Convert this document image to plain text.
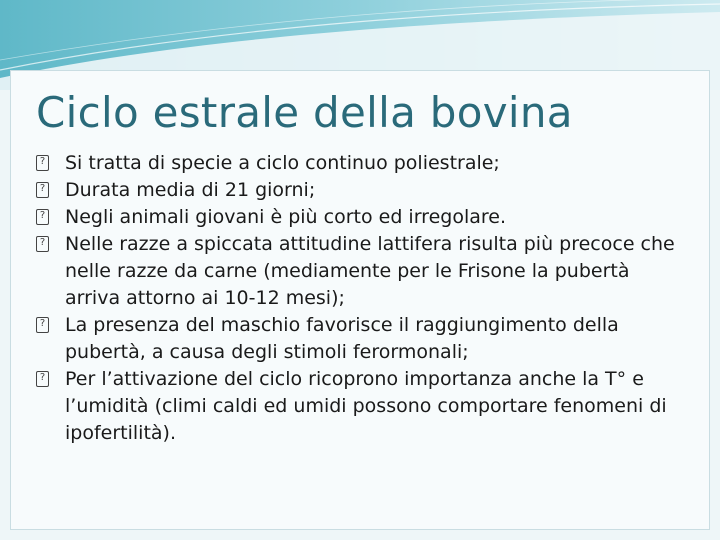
Ciclo estrale della bovina
? Si tratta di specie a ciclo continuo poliestrale;
? Durata media di 21 giorni;
? Negli animali giovani è più corto ed irregolare.
? Nelle razze a spiccata attitudine lattifera risulta più precoce che nelle razze da carne (mediamente per le Frisone la pubertà arriva attorno ai 10-12 mesi);
? La presenza del maschio favorisce il raggiungimento della pubertà, a causa degli stimoli ferormonali;
? Per l’attivazione del ciclo ricoprono importanza anche la T° e l’umidità (climi caldi ed umidi possono comportare fenomeni di ipofertilità).
